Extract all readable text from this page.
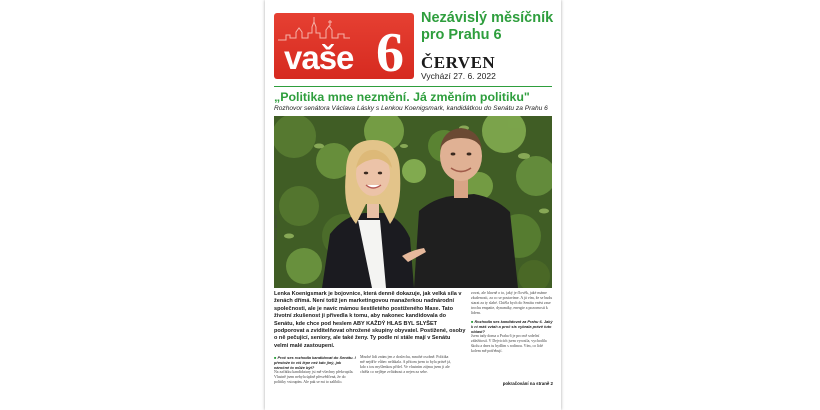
vaše 6
Nezávislý měsíčník
pro Prahu 6
ČERVEN
Vychází 27. 6. 2022
„Politika mne nezmění. Já změním politiku"
Rozhovor senátora Václava Lásky s Lenkou Koenigsmark, kandidátkou do Senátu za Prahu 6
FOTO: ARCHIV
Lenka Koenigsmark je bojovnice, která denně dokazuje, jak velká síla v ženách dřímá. Není totiž jen marketingovou manažerkou nadnárodní společnosti, ale je navíc mámou šestiletého postiženého Maxe. Tato životní zkušenost ji přivedla k tomu, aby nakonec kandidovala do Senátu, kde chce pod heslem ABY KAŽDÝ HLAS BYL SLYŠET podporovat a zviditelňovat ohrožené skupiny obyvatel. Postižené, osoby o ně pečující, seniory, ale také ženy. Ty podle ní stále mají v Senátu velmi malé zastoupení.
■ Proč ses rozhodla kandidovat do Senátu. I přestože to víš lépe než kdo jiný, jak náročné to může být?
Na začátku kandidatury jsi mě všechny překvapila. Vlastně jsem nebyla úplně přesvědčená, že do politiky vstoupím. Ale pak se mi to zalíbilo.
Mnohé lidi znám jen z doslechu, mnohé osobně. Politika mě nejdřív vůbec nelákala. A přitom jsem to byla právě já, kdo s tou myšlenkou přišel. Ve vlastním zájmu jsem ji ale chtěla co nejlépe zvládnout a nejen za sebe.
zovat, ale hlavně o to, jaký je člověk, jaké máme zkušenosti, za co se postavíme. A já vím, že se budu starat za ty slabé. Chtěla bych do Senátu vnést zase trochu empatie, dynamiky, energie a pozornosti k lidem.
■ Rozhodla ses kandidovat za Prahu 6. Jaký k ní máš vztah a proč sis vybrala právě tuto oblast?
Jsem tady doma a Praha 6 je pro mě srdeční záležitostí. V Dejvicích jsem vyrostla, vychodila školu a dnes tu bydlím s rodinou. Vím, co lidé kolem mě potřebují.
pokračování na straně 2
